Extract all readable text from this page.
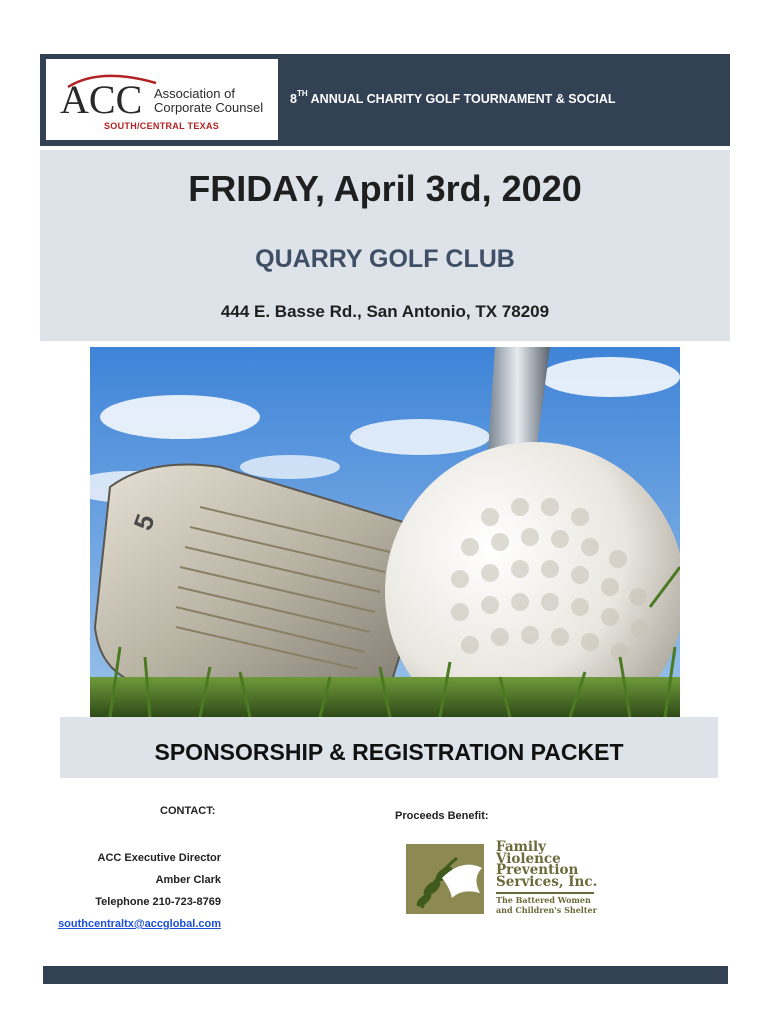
ACC Association of
Corporate Counsel
SOUTH/CENTRAL TEXAS
8TH ANNUAL CHARITY GOLF TOURNAMENT & SOCIAL
FRIDAY, April 3rd, 2020
QUARRY GOLF CLUB
444 E. Basse Rd., San Antonio, TX 78209
5
SPONSORSHIP & REGISTRATION PACKET
CONTACT:
ACC Executive Director
Amber Clark
Telephone 210-723-8769
southcentraltx@accglobal.com
Proceeds Benefit:
Family
Violence
Prevention
Services, Inc.
The Battered Women
and Children's Shelter
